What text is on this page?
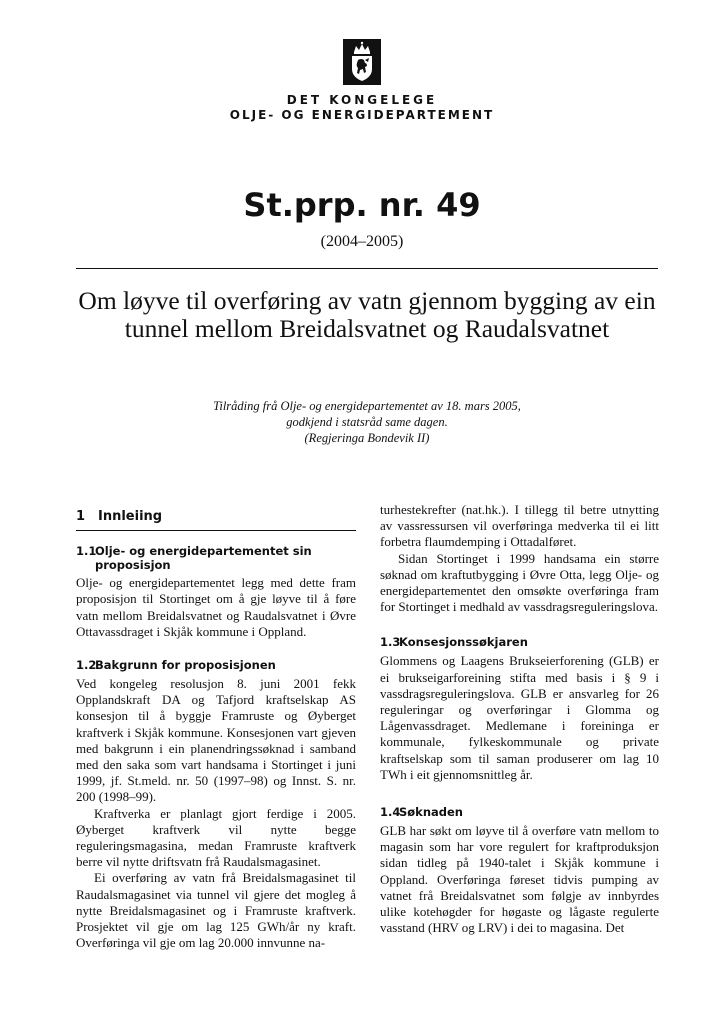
DET KONGELEGE
OLJE- OG ENERGIDEPARTEMENT
St.prp. nr. 49
(2004–2005)
Om løyve til overføring av vatn gjennom bygging av ein tunnel mellom Breidalsvatnet og Raudalsvatnet
Tilråding frå Olje- og energidepartementet av 18. mars 2005,
godkjend i statsråd same dagen.
(Regjeringa Bondevik II)
1 Innleiing
1.1
Olje- og energidepartementet sin
proposisjon

Olje- og energidepartementet legg med dette fram proposisjon til Stortinget om å gje løyve til å føre vatn mellom Breidalsvatnet og Raudalsvatnet i Øvre Ottavassdraget i Skjåk kommune i Oppland.

1.2Bakgrunn for proposisjonen

Ved kongeleg resolusjon 8. juni 2001 fekk Opplandskraft DA og Tafjord kraftselskap AS konsesjon til å byggje Framruste og Øyberget kraftverk i Skjåk kommune. Konsesjonen vart gjeven med bakgrunn i ein planendringssøknad i samband med den saka som vart handsama i Stortinget i juni 1999, jf. St.meld. nr. 50 (1997–98) og Innst. S. nr. 200 (1998–99).

Kraftverka er planlagt gjort ferdige i 2005. Øyberget kraftverk vil nytte begge reguleringsmagasina, medan Framruste kraftverk berre vil nytte driftsvatn frå Raudalsmagasinet.

Ei overføring av vatn frå Breidalsmagasinet til Raudalsmagasinet via tunnel vil gjere det mogleg å nytte Breidalsmagasinet og i Framruste kraftverk. Prosjektet vil gje om lag 125 GWh/år ny kraft. Overføringa vil gje om lag 20.000 innvunne na-

turhestekrefter (nat.hk.). I tillegg til betre utnytting av vassressursen vil overføringa medverka til ei litt forbetra flaumdemping i Ottadalføret.

Sidan Stortinget i 1999 handsama ein større søknad om kraftutbygging i Øvre Otta, legg Olje- og energidepartementet den omsøkte overføringa fram for Stortinget i medhald av vassdragsreguleringslova.

1.3Konsesjonssøkjaren

Glommens og Laagens Brukseierforening (GLB) er ei brukseigarforeining stifta med basis i § 9 i vassdragsreguleringslova. GLB er ansvarleg for 26 reguleringar og overføringar i Glomma og Lågenvassdraget. Medlemane i foreininga er kommunale, fylkeskommunale og private kraftselskap som til saman produserer om lag 10 TWh i eit gjennomsnittleg år.

1.4Søknaden

GLB har søkt om løyve til å overføre vatn mellom to magasin som har vore regulert for kraftproduksjon sidan tidleg på 1940-talet i Skjåk kommune i Oppland. Overføringa føreset tidvis pumping av vatnet frå Breidalsvatnet som følgje av innbyrdes ulike kotehøgder for høgaste og lågaste regulerte vasstand (HRV og LRV) i dei to magasina. Det
